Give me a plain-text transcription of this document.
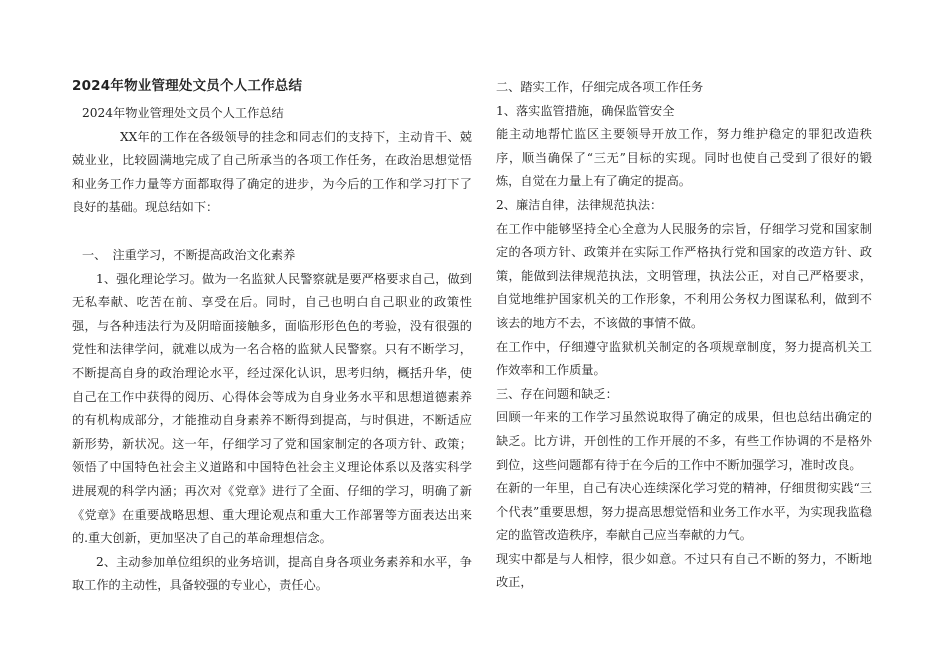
2024年物业管理处文员个人工作总结

2024年物业管理处文员个人工作总结

XX年的工作在各级领导的挂念和同志们的支持下，主动肯干、兢兢业业，比较圆满地完成了自己所承当的各项工作任务，在政治思想觉悟和业务工作力量等方面都取得了确定的进步，为今后的工作和学习打下了良好的基础。现总结如下：

一、　注重学习，不断提高政治文化素养

1、强化理论学习。做为一名监狱人民警察就是要严格要求自己，做到无私奉献、吃苦在前、享受在后。同时，自己也明白自己职业的政策性强，与各种违法行为及阴暗面接触多，面临形形色色的考验，没有很强的党性和法律学问，就难以成为一名合格的监狱人民警察。只有不断学习，不断提高自身的政治理论水平，经过深化认识，思考归纳，概括升华，使自己在工作中获得的阅历、心得体会等成为自身业务水平和思想道德素养的有机构成部分，才能推动自身素养不断得到提高，与时俱进，不断适应新形势，新状况。这一年，仔细学习了党和国家制定的各项方针、政策；领悟了中国特色社会主义道路和中国特色社会主义理论体系以及落实科学进展观的科学内涵；再次对《党章》进行了全面、仔细的学习，明确了新《党章》在重要战略思想、重大理论观点和重大工作部署等方面表达出来的.重大创新，更加坚决了自己的革命理想信念。

2、主动参加单位组织的业务培训，提高自身各项业务素养和水平，争取工作的主动性，具备较强的专业心，责任心。

二、踏实工作，仔细完成各项工作任务

1、落实监管措施，确保监管安全

能主动地帮忙监区主要领导开放工作，努力维护稳定的罪犯改造秩序，顺当确保了“三无”目标的实现。同时也使自己受到了很好的锻炼，自觉在力量上有了确定的提高。

2、廉洁自律，法律规范执法：

在工作中能够坚持全心全意为人民服务的宗旨，仔细学习党和国家制定的各项方针、政策并在实际工作严格执行党和国家的改造方针、政策，能做到法律规范执法，文明管理，执法公正，对自己严格要求，自觉地维护国家机关的工作形象，不利用公务权力图谋私利，做到不该去的地方不去，不该做的事情不做。

在工作中，仔细遵守监狱机关制定的各项规章制度，努力提高机关工作效率和工作质量。

三、存在问题和缺乏：

回顾一年来的工作学习虽然说取得了确定的成果，但也总结出确定的缺乏。比方讲，开创性的工作开展的不多，有些工作协调的不是格外到位，这些问题都有待于在今后的工作中不断加强学习，准时改良。

在新的一年里，自己有决心连续深化学习党的精神，仔细贯彻实践“三个代表”重要思想，努力提高思想觉悟和业务工作水平，为实现我监稳定的监管改造秩序，奉献自己应当奉献的力气。

现实中都是与人相悖，很少如意。不过只有自己不断的努力，不断地改正，
